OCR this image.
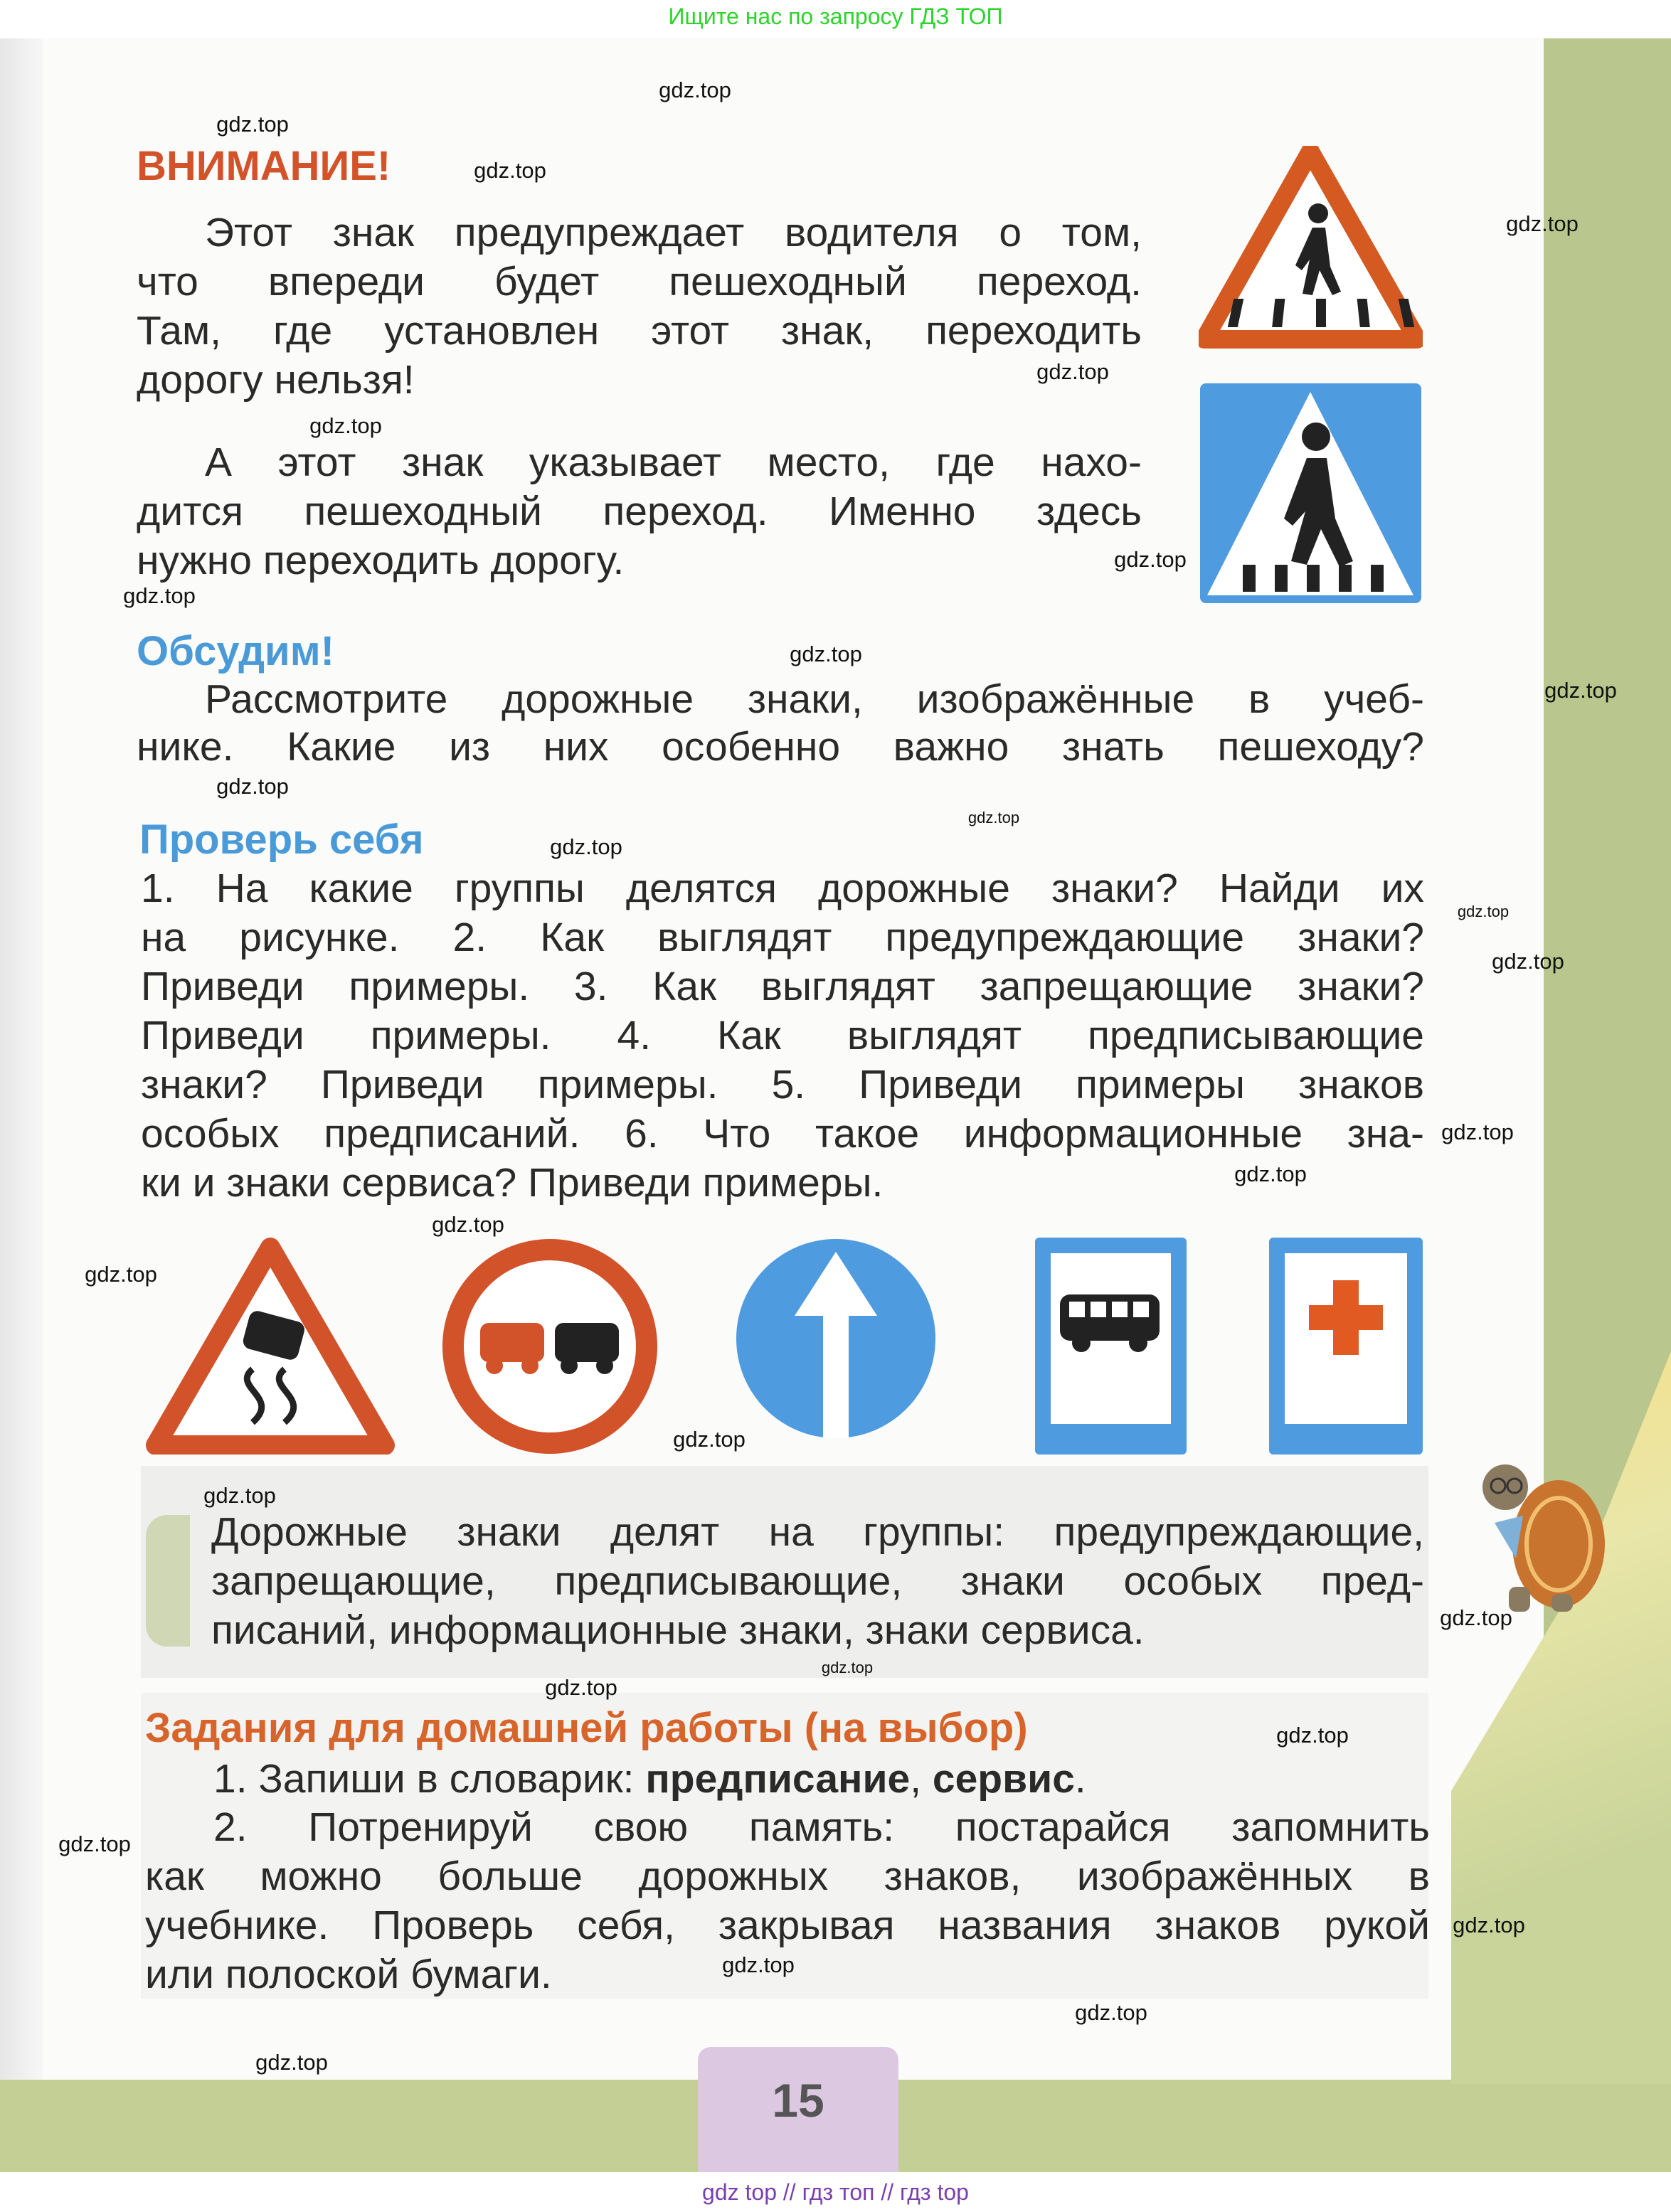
Ищите нас по запросу ГДЗ ТОП
ВНИМАНИЕ!
Этот знак предупреждает водителя о том,
что впереди будет пешеходный переход.
Там, где установлен этот знак, переходить
дорогу нельзя!
А этот знак указывает место, где нахо-
дится пешеходный переход. Именно здесь
нужно переходить дорогу.
Обсудим!
Рассмотрите дорожные знаки, изображённые в учеб-
нике. Какие из них особенно важно знать пешеходу?
Проверь себя
1. На какие группы делятся дорожные знаки? Найди их
на рисунке. 2. Как выглядят предупреждающие знаки?
Приведи примеры. 3. Как выглядят запрещающие знаки?
Приведи примеры. 4. Как выглядят предписывающие
знаки? Приведи примеры. 5. Приведи примеры знаков
особых предписаний. 6. Что такое информационные зна-
ки и знаки сервиса? Приведи примеры.
Дорожные знаки делят на группы: предупреждающие,
запрещающие, предписывающие, знаки особых пред-
писаний, информационные знаки, знаки сервиса.
Задания для домашней работы (на выбор)
1. Запиши в словарик: предписание, сервис.
2. Потренируй свою память: постарайся запомнить
как можно больше дорожных знаков, изображённых в
учебнике. Проверь себя, закрывая названия знаков рукой
или полоской бумаги.
15
gdz top // гдз топ // гдз top
gdz.top
gdz.top
gdz.top
gdz.top
gdz.top
gdz.top
gdz.top
gdz.top
gdz.top
gdz.top
gdz.top
gdz.top
gdz.top
gdz.top
gdz.top
gdz.top
gdz.top
gdz.top
gdz.top
gdz.top
gdz.top
gdz.top
gdz.top
gdz.top
gdz.top
gdz.top
gdz.top
gdz.top
gdz.top
gdz.top
